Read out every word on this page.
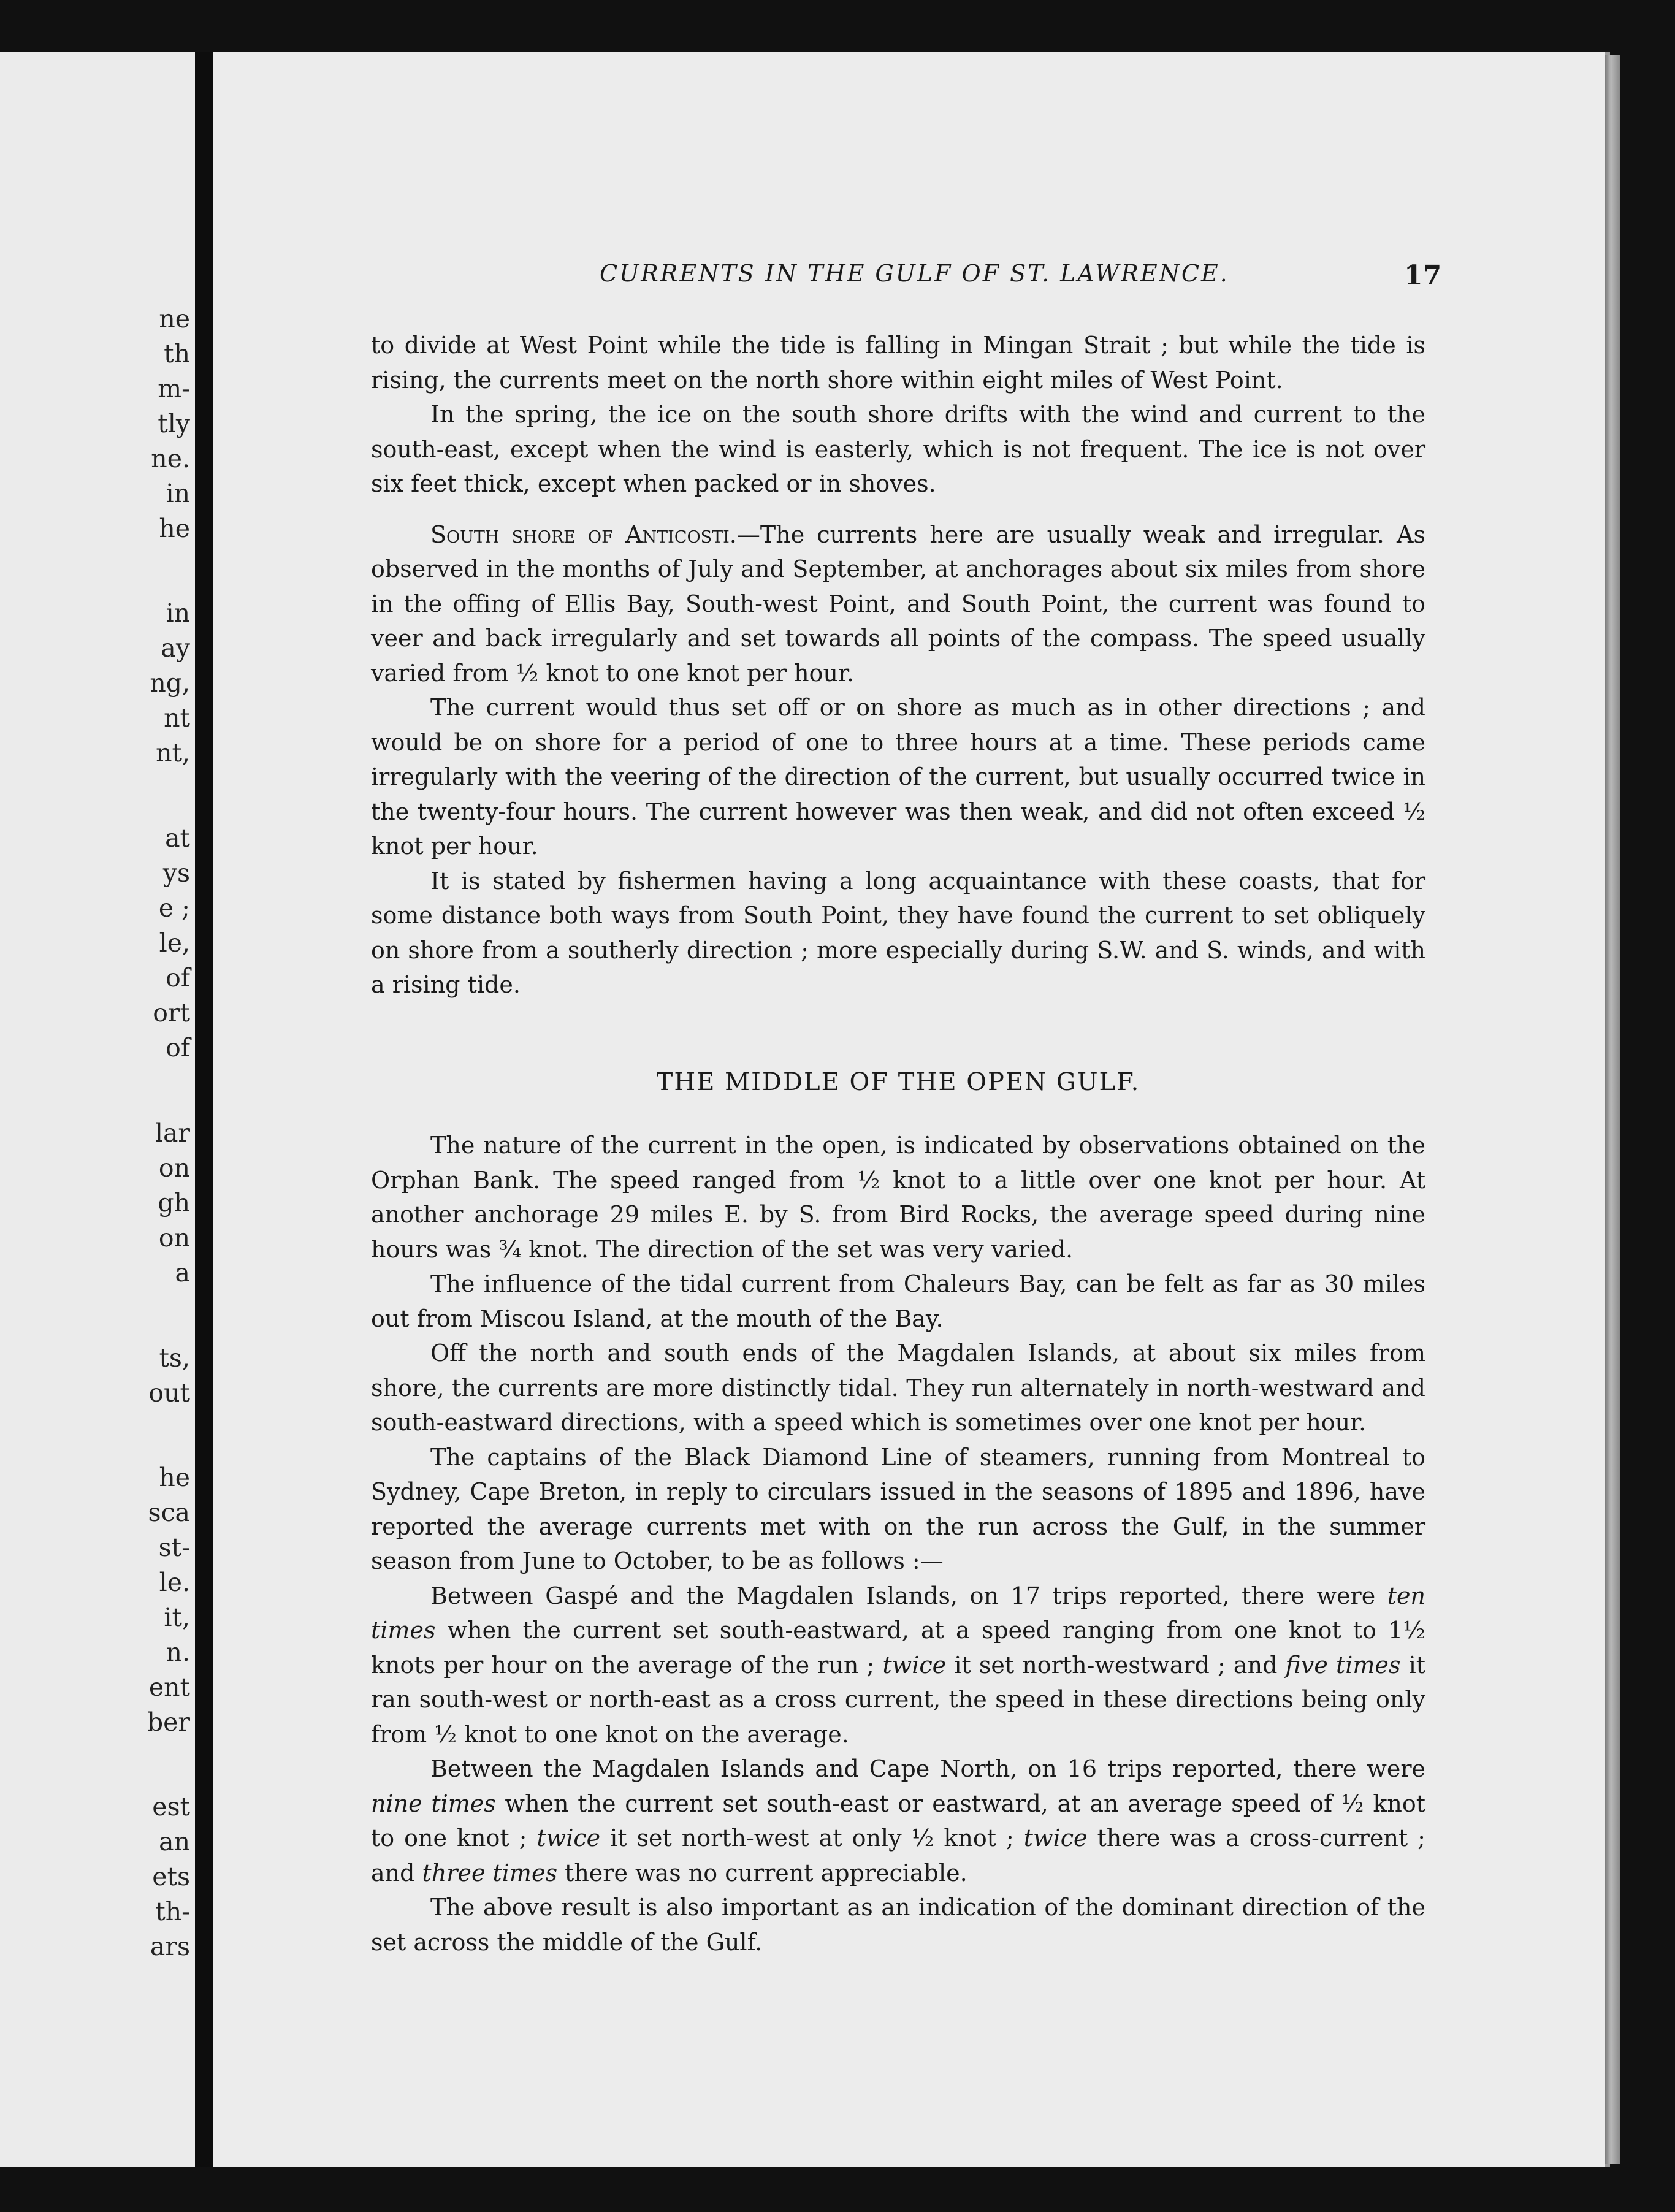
ne
th
m-
tly
ne.
in
he
in
ay
ng,
nt
nt,
at
ys
e ;
le,
of
ort
of
lar
on
gh
on
a
ts,
out
he
sca
st-
le.
it,
n.
ent
ber
est
an
ets
th-
ars
CURRENTS IN THE GULF OF ST. LAWRENCE.	17

to divide at West Point while the tide is falling in Mingan Strait ; but while the tide is rising, the currents meet on the north shore within eight miles of West Point.

In the spring, the ice on the south shore drifts with the wind and current to the south-east, except when the wind is easterly, which is not frequent. The ice is not over six feet thick, except when packed or in shoves.

South shore of Anticosti.—The currents here are usually weak and irregular. As observed in the months of July and September, at anchorages about six miles from shore in the offing of Ellis Bay, South-west Point, and South Point, the current was found to veer and back irregularly and set towards all points of the compass. The speed usually varied from ½ knot to one knot per hour.

The current would thus set off or on shore as much as in other directions ; and would be on shore for a period of one to three hours at a time. These periods came irregularly with the veering of the direction of the current, but usually occurred twice in the twenty-four hours. The current however was then weak, and did not often exceed ½ knot per hour.

It is stated by fishermen having a long acquaintance with these coasts, that for some distance both ways from South Point, they have found the current to set obliquely on shore from a southerly direction ; more especially during S.W. and S. winds, and with a rising tide.

THE MIDDLE OF THE OPEN GULF.

The nature of the current in the open, is indicated by observations obtained on the Orphan Bank. The speed ranged from ½ knot to a little over one knot per hour. At another anchorage 29 miles E. by S. from Bird Rocks, the average speed during nine hours was ¾ knot. The direction of the set was very varied.

The influence of the tidal current from Chaleurs Bay, can be felt as far as 30 miles out from Miscou Island, at the mouth of the Bay.

Off the north and south ends of the Magdalen Islands, at about six miles from shore, the currents are more distinctly tidal. They run alternately in north-westward and south-eastward directions, with a speed which is sometimes over one knot per hour.

The captains of the Black Diamond Line of steamers, running from Montreal to Sydney, Cape Breton, in reply to circulars issued in the seasons of 1895 and 1896, have reported the average currents met with on the run across the Gulf, in the summer season from June to October, to be as follows :—

Between Gaspé and the Magdalen Islands, on 17 trips reported, there were ten times when the current set south-eastward, at a speed ranging from one knot to 1½ knots per hour on the average of the run ; twice it set north-westward ; and five times it ran south-west or north-east as a cross current, the speed in these directions being only from ½ knot to one knot on the average.

Between the Magdalen Islands and Cape North, on 16 trips reported, there were nine times when the current set south-east or eastward, at an average speed of ½ knot to one knot ; twice it set north-west at only ½ knot ; twice there was a cross-current ; and three times there was no current appreciable.

The above result is also important as an indication of the dominant direction of the set across the middle of the Gulf.
